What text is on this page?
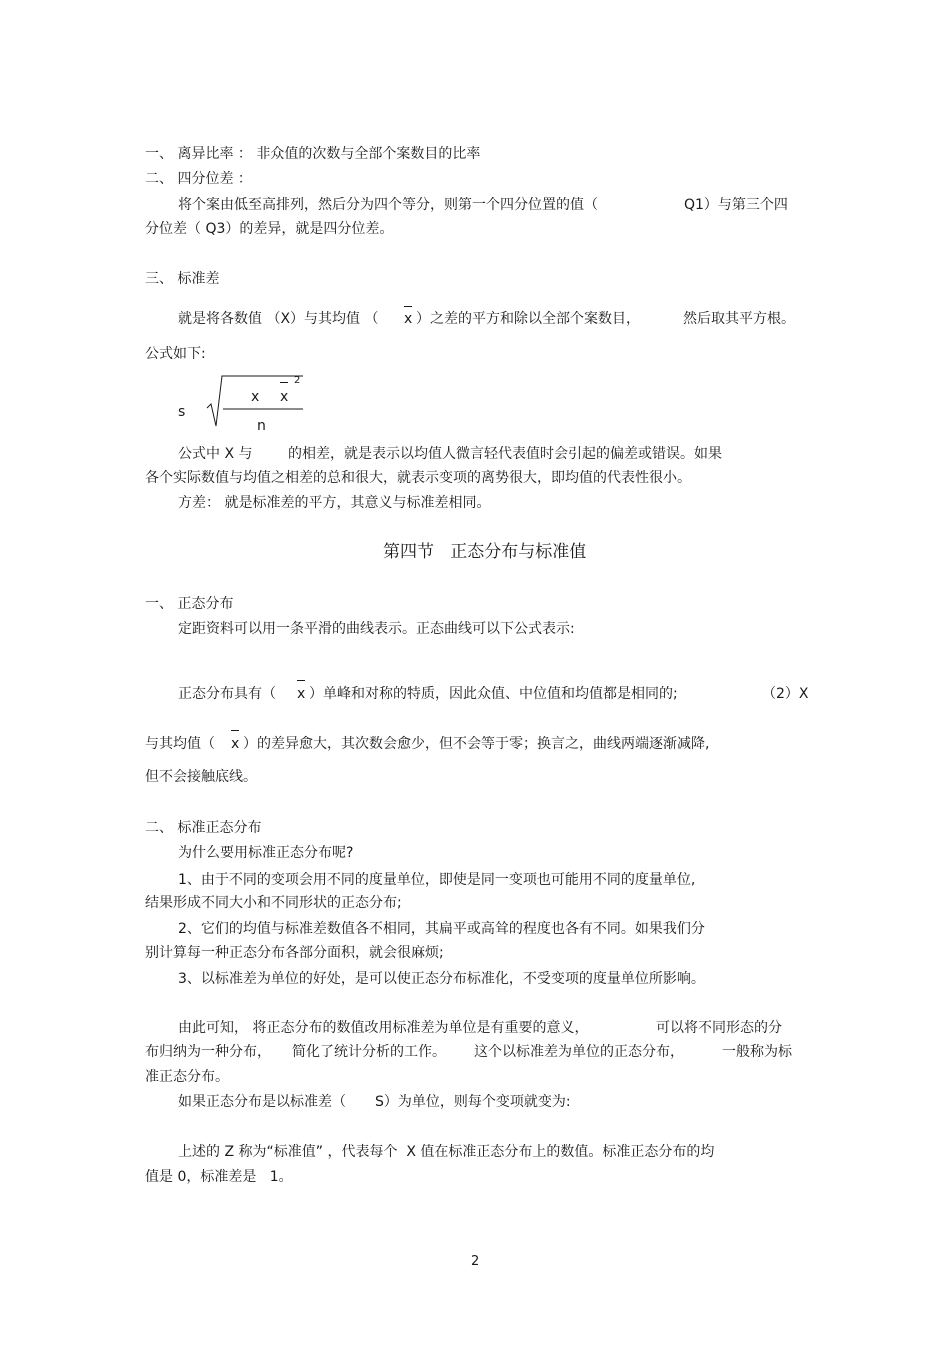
一、 离异比率 ： 非众值的次数与全部个案数目的比率
二、 四分位差 ：
将个案由低至高排列，然后分为四个等分，则第一个四分位置的值（	Q1）与第三个四
分位差（ Q3）的差异，就是四分位差。
三、 标准差
就是将各数值 （X）与其均值 （ x ）之差的平方和除以全部个案数目，	然后取其平方根。
公式如下:
s
x x
2
n
公式中 X 与	的相差，就是表示以均值人微言轻代表值时会引起的偏差或错误。如果
各个实际数值与均值之相差的总和很大，就表示变项的离势很大，即均值的代表性很小。
方差： 就是标准差的平方，其意义与标准差相同。
第四节   正态分布与标准值
一、 正态分布
定距资料可以用一条平滑的曲线表示。正态曲线可以下公式表示:
正态分布具有（ x ）单峰和对称的特质，因此众值、中位值和均值都是相同的;	（2）X
与其均值（ x ）的差异愈大，其次数会愈少，但不会等于零；换言之，曲线两端逐渐减降,
但不会接触底线。
二、 标准正态分布
为什么要用标准正态分布呢?
1、由于不同的变项会用不同的度量单位，即使是同一变项也可能用不同的度量单位,
结果形成不同大小和不同形状的正态分布;
2、它们的均值与标准差数值各不相同，其扁平或高耸的程度也各有不同。如果我们分
别计算每一种正态分布各部分面积，就会很麻烦;
3、以标准差为单位的好处，是可以使正态分布标准化，不受变项的度量单位所影响。
由此可知， 将正态分布的数值改用标准差为单位是有重要的意义，	可以将不同形态的分
布归纳为一种分布， 简化了统计分析的工作。 这个以标准差为单位的正态分布，	一般称为标
准正态分布。
如果正态分布是以标准差（ S）为单位，则每个变项就变为:
上述的 Z 称为“标准值” ，代表每个  X 值在标准正态分布上的数值。标准正态分布的均
值是 0，标准差是   1。
2
